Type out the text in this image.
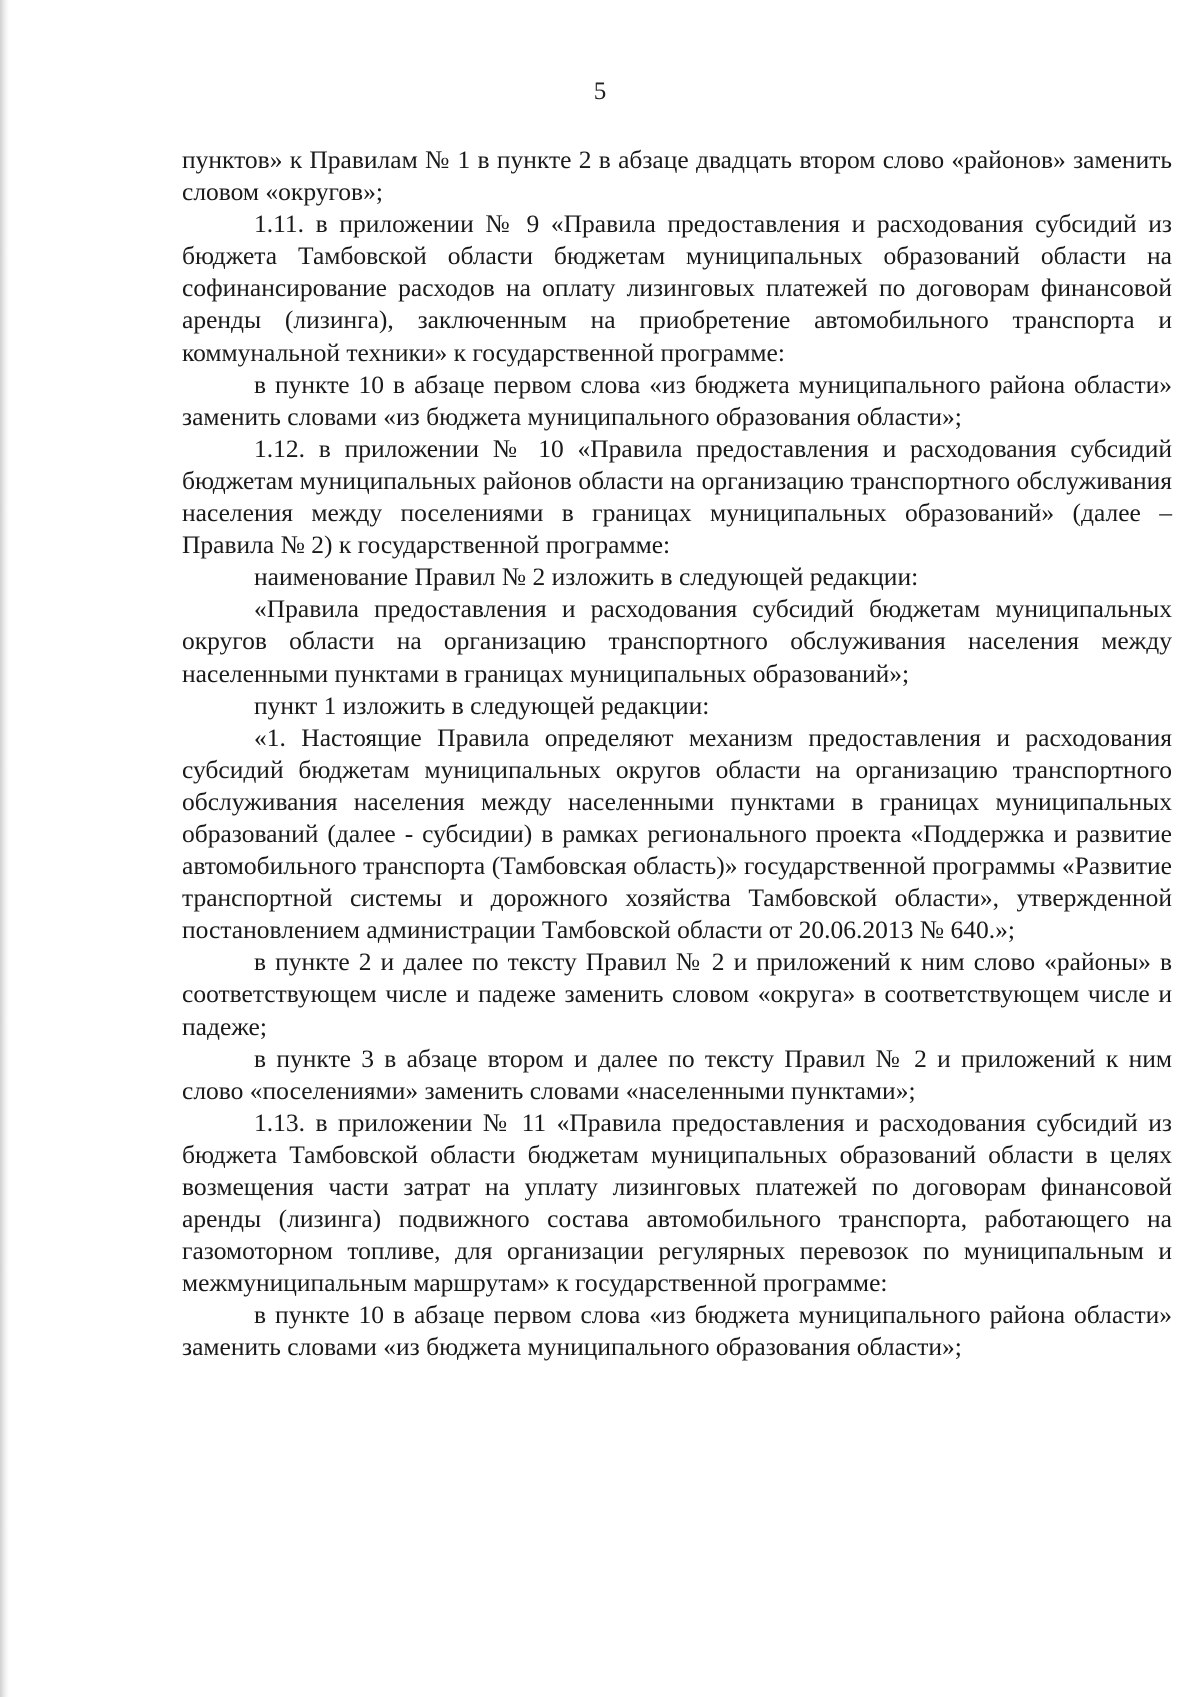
5

пунктов» к Правилам № 1 в пункте 2 в абзаце двадцать втором слово «районов» заменить словом «округов»;

1.11. в приложении № 9 «Правила предоставления и расходования субсидий из бюджета Тамбовской области бюджетам муниципальных образований области на софинансирование расходов на оплату лизинговых платежей по договорам финансовой аренды (лизинга), заключенным на приобретение автомобильного транспорта и коммунальной техники» к государственной программе:

в пункте 10 в абзаце первом слова «из бюджета муниципального района области» заменить словами «из бюджета муниципального образования области»;

1.12. в приложении № 10 «Правила предоставления и расходования субсидий бюджетам муниципальных районов области на организацию транспортного обслуживания населения между поселениями в границах муниципальных образований» (далее – Правила № 2) к государственной программе:

наименование Правил № 2 изложить в следующей редакции:

«Правила предоставления и расходования субсидий бюджетам муниципальных округов области на организацию транспортного обслуживания населения между населенными пунктами в границах муниципальных образований»;

пункт 1 изложить в следующей редакции:

«1. Настоящие Правила определяют механизм предоставления и расходования субсидий бюджетам муниципальных округов области на организацию транспортного обслуживания населения между населенными пунктами в границах муниципальных образований (далее - субсидии) в рамках регионального проекта «Поддержка и развитие автомобильного транспорта (Тамбовская область)» государственной программы «Развитие транспортной системы и дорожного хозяйства Тамбовской области», утвержденной постановлением администрации Тамбовской области от 20.06.2013 № 640.»;

в пункте 2 и далее по тексту Правил № 2 и приложений к ним слово «районы» в соответствующем числе и падеже заменить словом «округа» в соответствующем числе и падеже;

в пункте 3 в абзаце втором и далее по тексту Правил № 2 и приложений к ним слово «поселениями» заменить словами «населенными пунктами»;

1.13. в приложении № 11 «Правила предоставления и расходования субсидий из бюджета Тамбовской области бюджетам муниципальных образований области в целях возмещения части затрат на уплату лизинговых платежей по договорам финансовой аренды (лизинга) подвижного состава автомобильного транспорта, работающего на газомоторном топливе, для организации регулярных перевозок по муниципальным и межмуниципальным маршрутам» к государственной программе:

в пункте 10 в абзаце первом слова «из бюджета муниципального района области» заменить словами «из бюджета муниципального образования области»;
